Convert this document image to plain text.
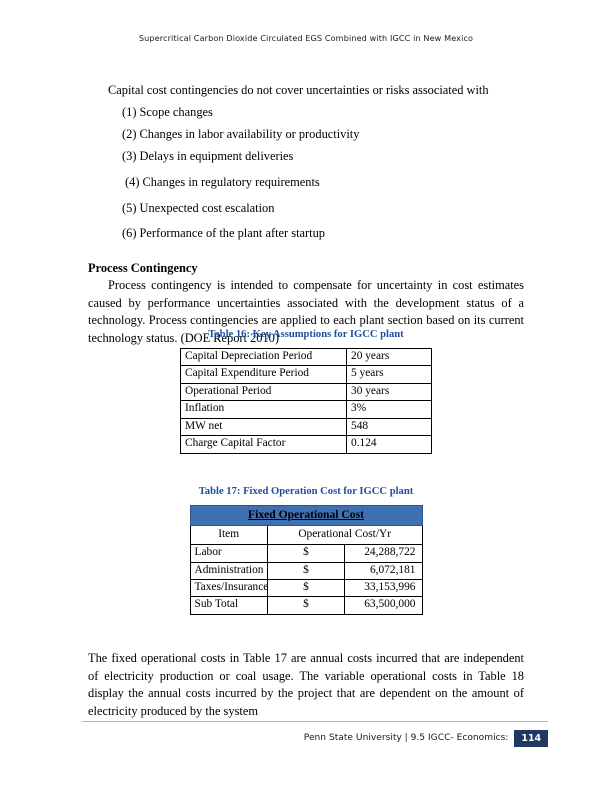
Supercritical Carbon Dioxide Circulated EGS Combined with IGCC in New Mexico

Capital cost contingencies do not cover uncertainties or risks associated with

(1) Scope changes
(2) Changes in labor availability or productivity
(3) Delays in equipment deliveries
(4) Changes in regulatory requirements
(5) Unexpected cost escalation
(6) Performance of the plant after startup
Process Contingency

Process contingency is intended to compensate for uncertainty in cost estimates caused by performance uncertainties associated with the development status of a technology. Process contingencies are applied to each plant section based on its current technology status. (DOE Report 2010)

Table 16: Key Assumptions for IGCC plant
Capital Depreciation Period	20 years
Capital Expenditure Period	5 years
Operational Period	30 years
Inflation	3%
MW net	548
Charge Capital Factor	0.124
Table 17: Fixed Operation Cost for IGCC plant
Fixed Operational Cost		
Item	Operational Cost/Yr	
Labor	$	24,288,722
Administration	$	6,072,181
Taxes/Insurance	$	33,153,996
Sub Total	$	63,500,000

The fixed operational costs in Table 17 are annual costs incurred that are independent of electricity production or coal usage. The variable operational costs in Table 18 display the annual costs incurred by the project that are dependent on the amount of electricity produced by the system

Penn State University | 9.5 IGCC- Economics: 114
